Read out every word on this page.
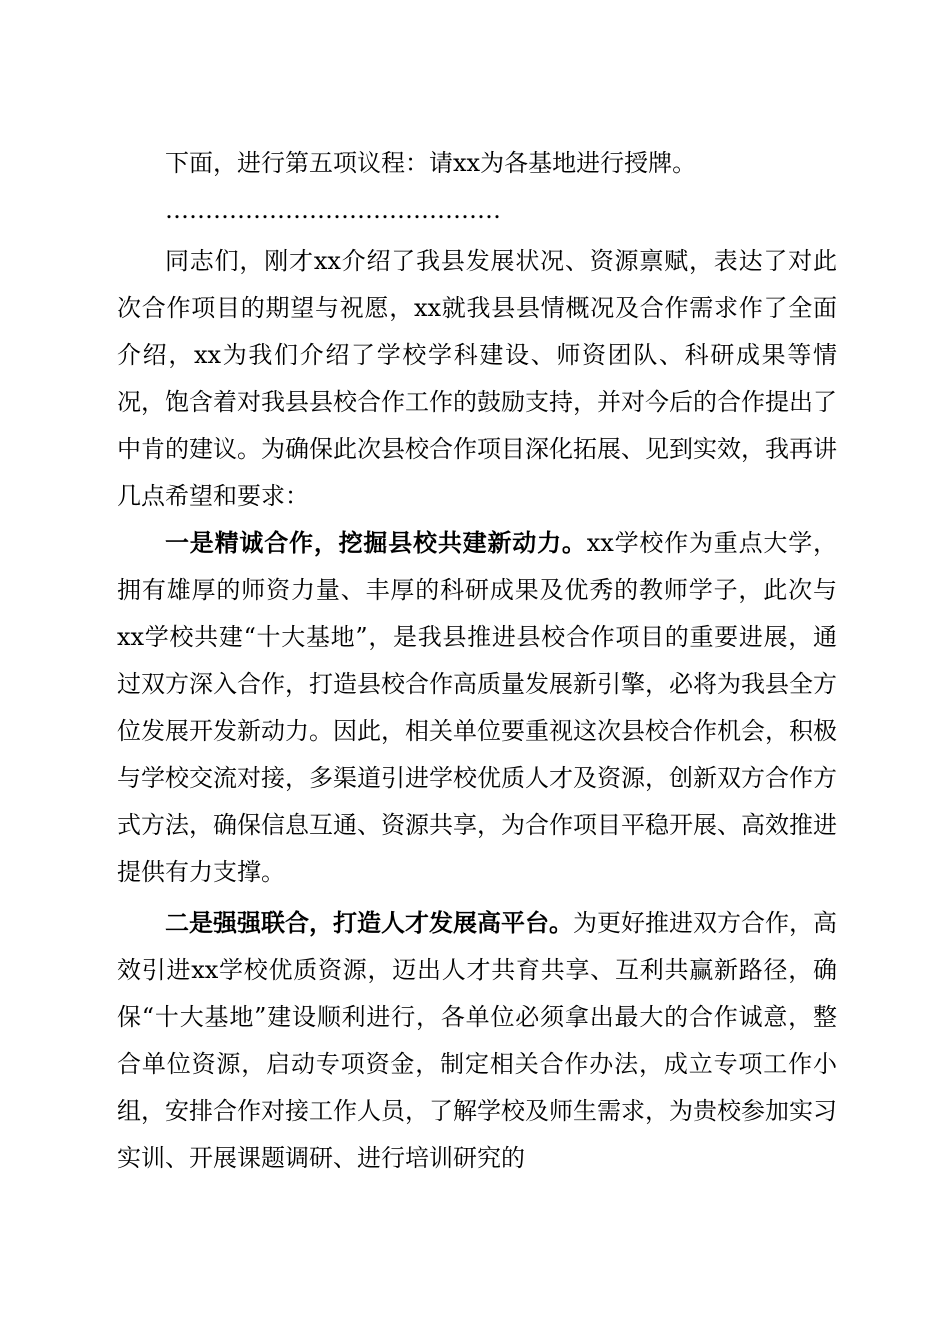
下面，进行第五项议程：请xx为各基地进行授牌。

……………………………………

同志们，刚才xx介绍了我县发展状况、资源禀赋，表达了对此次合作项目的期望与祝愿，xx就我县县情概况及合作需求作了全面介绍，xx为我们介绍了学校学科建设、师资团队、科研成果等情况，饱含着对我县县校合作工作的鼓励支持，并对今后的合作提出了中肯的建议。为确保此次县校合作项目深化拓展、见到实效，我再讲几点希望和要求：

一是精诚合作，挖掘县校共建新动力。xx学校作为重点大学，拥有雄厚的师资力量、丰厚的科研成果及优秀的教师学子，此次与xx学校共建“十大基地”，是我县推进县校合作项目的重要进展，通过双方深入合作，打造县校合作高质量发展新引擎，必将为我县全方位发展开发新动力。因此，相关单位要重视这次县校合作机会，积极与学校交流对接，多渠道引进学校优质人才及资源，创新双方合作方式方法，确保信息互通、资源共享，为合作项目平稳开展、高效推进提供有力支撑。

二是强强联合，打造人才发展高平台。为更好推进双方合作，高效引进xx学校优质资源，迈出人才共育共享、互利共赢新路径，确保“十大基地”建设顺利进行，各单位必须拿出最大的合作诚意，整合单位资源，启动专项资金，制定相关合作办法，成立专项工作小组，安排合作对接工作人员，了解学校及师生需求，为贵校参加实习实训、开展课题调研、进行培训研究的
